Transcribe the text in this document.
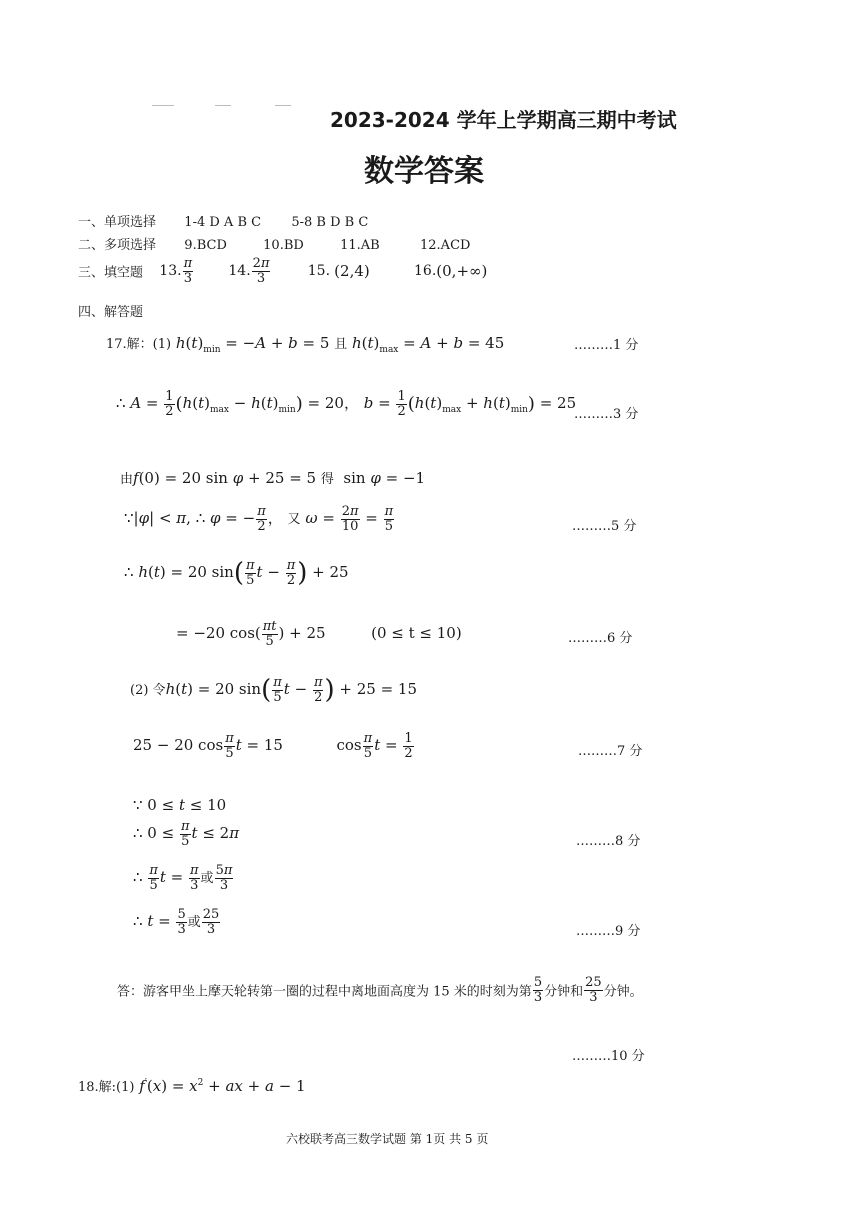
2023-2024 学年上学期高三期中考试
数学答案
一、单项选择 1-4 D A B C 5-8 B D B C
二、多项选择 9.BCD	10.BD	11.AB	12.ACD
三、填空题 13. $\frac{\pi}{3}$	14. $\frac{2\pi}{3}$	15. (2,4)	16.(0,+∞)
四、解答题
17.解：(1) $h(t)_{min} = -A + b = 5$ 且 $h(t)_{max} = A + b = 45$	………1 分
∴ $A = \frac{1}{2} (h(t)_{max} - h(t)_{min}) = 20$， $b = \frac{1}{2} (h(t)_{max} + h(t)_{min}) = 25$
………3 分
由f(0) = 20 sin φ + 25 = 5 得  sin φ = −1
∵|φ| < π, ∴ φ = − $\frac{\pi}{2}$ ， 又 $\omega = \frac{2\pi}{10} = \frac{\pi}{5}$	………5 分
∴ h(t) = 20 $\sin( \frac{\pi}{5}$ $t - \frac{\pi}{2}$ ) + 25
= −20 $\cos( \frac{\pi t}{5}$ ) + 25	(0 ≤ t ≤ 10)	………6 分
(2) 令h(t) = 20 $\sin( \frac{\pi}{5}$ $t - \frac{\pi}{2}$ ) + 25 = 15
25 − 20 $\cos \frac{\pi}{5}$ t = 15	$\cos \frac{\pi}{5}$ $t = \frac{1}{2}$	………7 分
∵ 0 ≤ t ≤ 10
∴ $0 \le \frac{\pi}{5}$ t ≤ 2π	………8 分
∴ $\frac{\pi}{5}$ $t = \frac{\pi}{3}$ 或 $\frac{5\pi}{3}$
∴ $t = \frac{5}{3}$ 或 $\frac{25}{3}$	………9 分
答：游客甲坐上摩天轮转第一圈的过程中离地面高度为 15 米的时刻为第 $\frac{5}{3}$ 分钟和 $\frac{25}{3}$ 分钟。
………10 分
18.解:(1) $f'(x) = x^2$ + ax + a − 1
六校联考高三数学试题 第 1页 共 5 页
